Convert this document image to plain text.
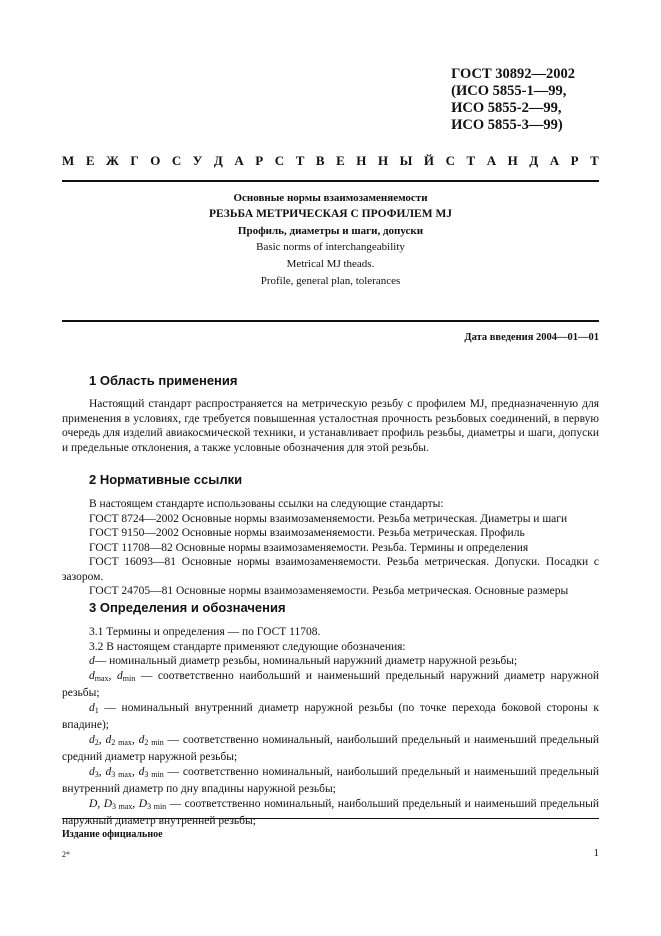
ГОСТ 30892—2002
(ИСО 5855-1—99,
ИСО 5855-2—99,
ИСО 5855-3—99)
М Е Ж Г О С У Д А Р С Т В Е Н Н Ы Й С Т А Н Д А Р Т
Основные нормы взаимозаменяемости
РЕЗЬБА МЕТРИЧЕСКАЯ С ПРОФИЛЕМ MJ
Профиль, диаметры и шаги, допуски
Basic norms of interchangeability
Metrical MJ theads.
Profile, general plan, tolerances
Дата введения 2004—01—01
1 Область применения

Настоящий стандарт распространяется на метрическую резьбу с профилем MJ, предназначенную для применения в условиях, где требуется повышенная усталостная прочность резьбовых соединений, в первую очередь для изделий авиакосмической техники, и устанавливает профиль резьбы, диаметры и шаги, допуски и предельные отклонения, а также условные обозначения для этой резьбы.

2 Нормативные ссылки

В настоящем стандарте использованы ссылки на следующие стандарты:

ГОСТ 8724—2002 Основные нормы взаимозаменяемости. Резьба метрическая. Диаметры и шаги

ГОСТ 9150—2002 Основные нормы взаимозаменяемости. Резьба метрическая. Профиль

ГОСТ 11708—82 Основные нормы взаимозаменяемости. Резьба. Термины и определения

ГОСТ 16093—81 Основные нормы взаимозаменяемости. Резьба метрическая. Допуски. Посадки с зазором.

ГОСТ 24705—81 Основные нормы взаимозаменяемости. Резьба метрическая. Основные размеры

3 Определения и обозначения

3.1 Термины и определения — по ГОСТ 11708.

3.2 В настоящем стандарте применяют следующие обозначения:

d— номинальный диаметр резьбы, номинальный наружний диаметр наружной резьбы;

$d_{max}$, $d_{min}$ — соответственно наибольший и наименьший предельный наружний диаметр наружной резьбы;

$d_1$ — номинальный внутренний диаметр наружной резьбы (по точке перехода боковой стороны к впадине);

$d_2$, $d_{2 max}$, $d_{2 min}$ — соответственно номинальный, наибольший предельный и наименьший предельный средний диаметр наружной резьбы;

$d_3$, $d_{3 max}$, $d_{3 min}$ — соответственно номинальный, наибольший предельный и наименьший предельный внутренний диаметр по дну впадины наружной резьбы;

D, $D_{3 max}$, $D_{3 min}$ — соответственно номинальный, наибольший предельный и наименьший предельный наружный диаметр внутренней резьбы;

Издание официальное
2*	1
